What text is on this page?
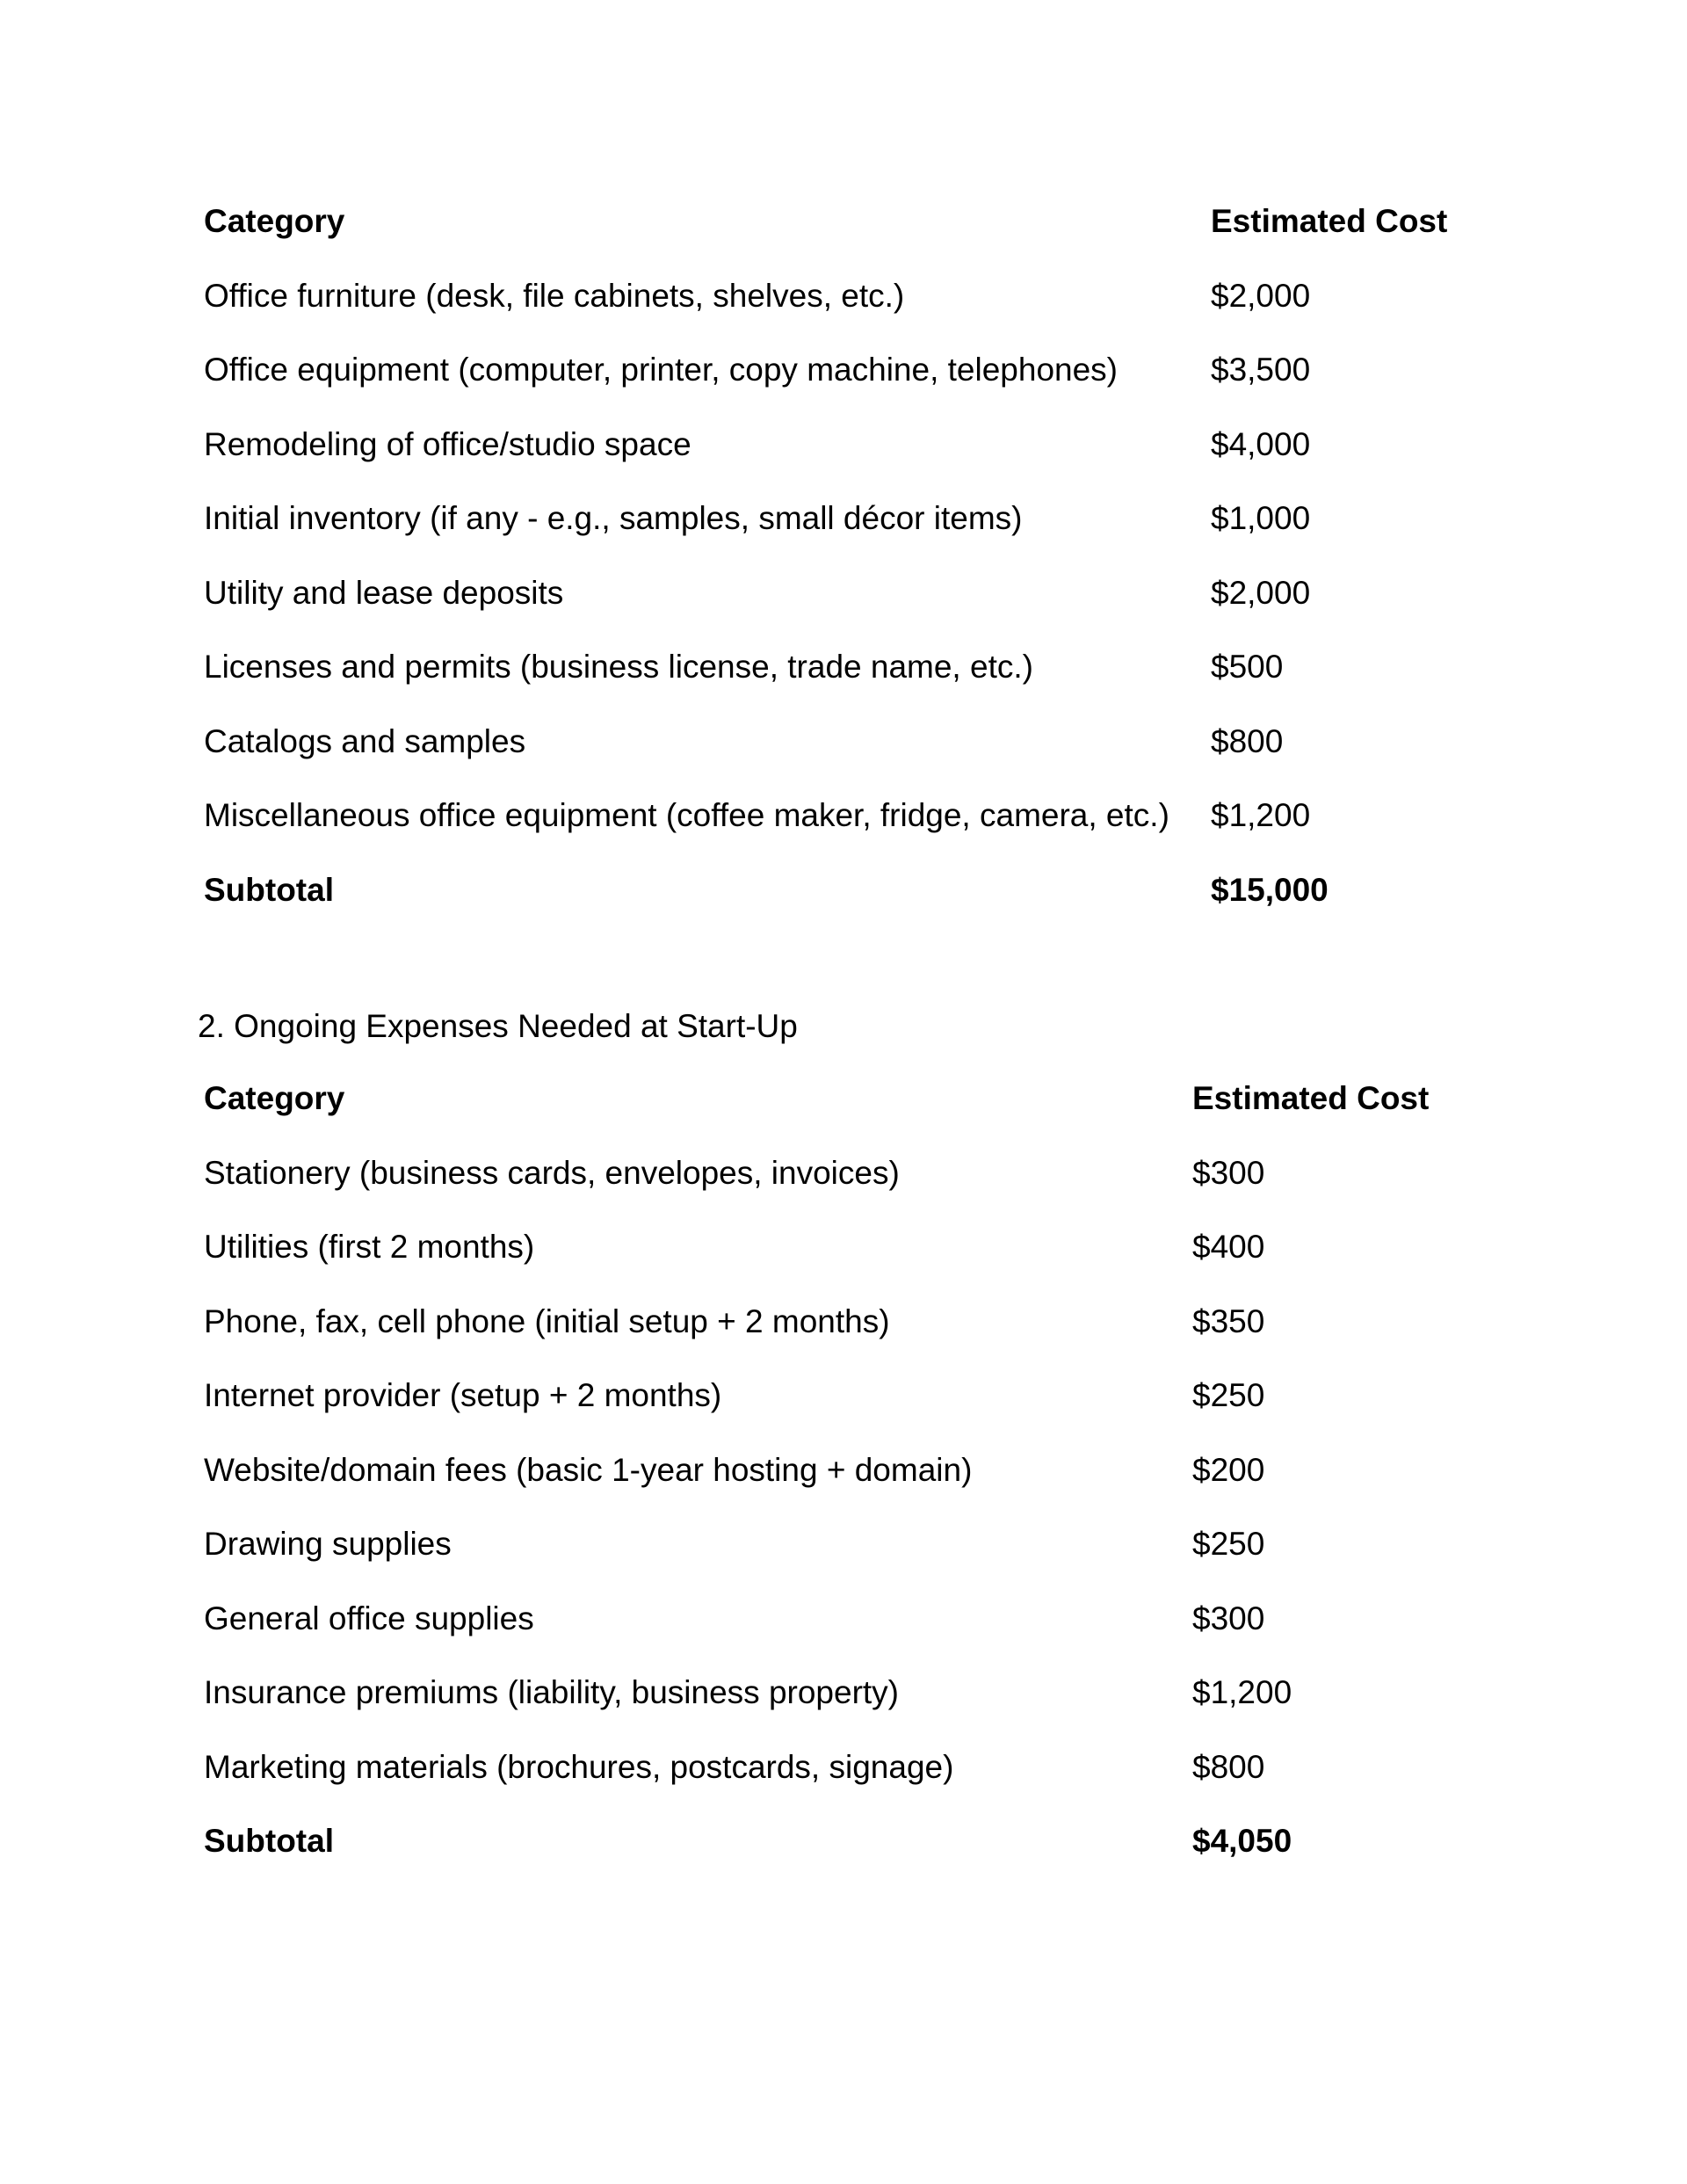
Category	Estimated Cost
Office furniture (desk, file cabinets, shelves, etc.)	$2,000
Office equipment (computer, printer, copy machine, telephones)	$3,500
Remodeling of office/studio space	$4,000
Initial inventory (if any - e.g., samples, small décor items)	$1,000
Utility and lease deposits	$2,000
Licenses and permits (business license, trade name, etc.)	$500
Catalogs and samples	$800
Miscellaneous office equipment (coffee maker, fridge, camera, etc.)	$1,200
Subtotal	$15,000
2. Ongoing Expenses Needed at Start-Up
Category	Estimated Cost
Stationery (business cards, envelopes, invoices)	$300
Utilities (first 2 months)	$400
Phone, fax, cell phone (initial setup + 2 months)	$350
Internet provider (setup + 2 months)	$250
Website/domain fees (basic 1-year hosting + domain)	$200
Drawing supplies	$250
General office supplies	$300
Insurance premiums (liability, business property)	$1,200
Marketing materials (brochures, postcards, signage)	$800
Subtotal	$4,050
